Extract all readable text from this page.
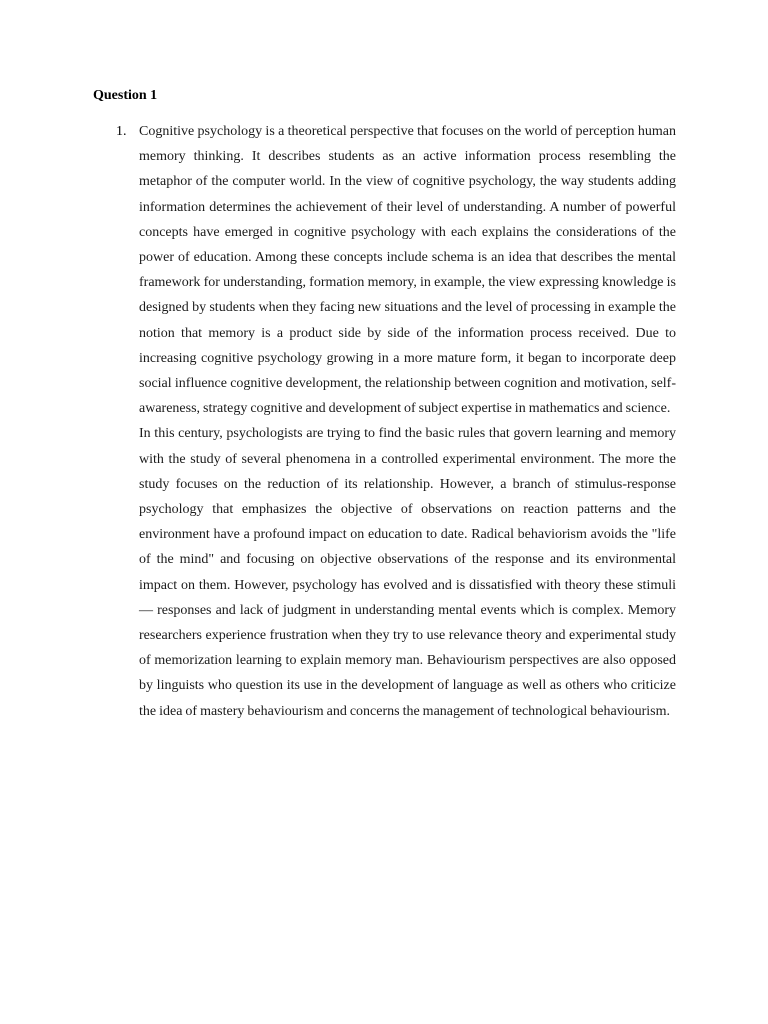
Question 1
1. Cognitive psychology is a theoretical perspective that focuses on the world of perception human memory thinking. It describes students as an active information process resembling the metaphor of the computer world. In the view of cognitive psychology, the way students adding information determines the achievement of their level of understanding. A number of powerful concepts have emerged in cognitive psychology with each explains the considerations of the power of education. Among these concepts include schema is an idea that describes the mental framework for understanding, formation memory, in example, the view expressing knowledge is designed by students when they facing new situations and the level of processing in example the notion that memory is a product side by side of the information process received. Due to increasing cognitive psychology growing in a more mature form, it began to incorporate deep social influence cognitive development, the relationship between cognition and motivation, self-awareness, strategy cognitive and development of subject expertise in mathematics and science.

In this century, psychologists are trying to find the basic rules that govern learning and memory with the study of several phenomena in a controlled experimental environment. The more the study focuses on the reduction of its relationship. However, a branch of stimulus-response psychology that emphasizes the objective of observations on reaction patterns and the environment have a profound impact on education to date. Radical behaviorism avoids the "life of the mind" and focusing on objective observations of the response and its environmental impact on them. However, psychology has evolved and is dissatisfied with theory these stimuli — responses and lack of judgment in understanding mental events which is complex. Memory researchers experience frustration when they try to use relevance theory and experimental study of memorization learning to explain memory man. Behaviourism perspectives are also opposed by linguists who question its use in the development of language as well as others who criticize the idea of mastery behaviourism and concerns the management of technological behaviourism.
